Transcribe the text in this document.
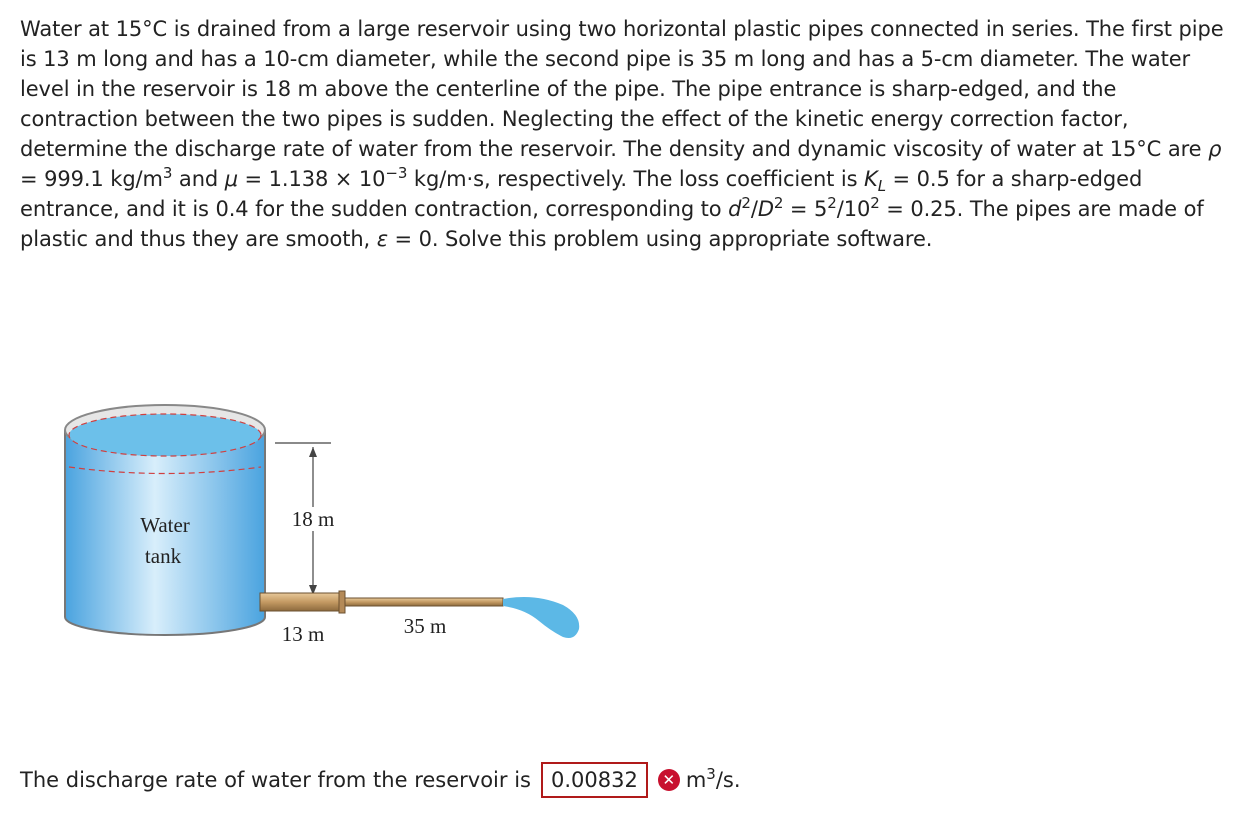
Water at 15°C is drained from a large reservoir using two horizontal plastic pipes connected in series. The first pipe is 13 m long and has a 10-cm diameter, while the second pipe is 35 m long and has a 5-cm diameter. The water level in the reservoir is 18 m above the centerline of the pipe. The pipe entrance is sharp-edged, and the contraction between the two pipes is sudden. Neglecting the effect of the kinetic energy correction factor, determine the discharge rate of water from the reservoir. The density and dynamic viscosity of water at 15°C are ρ = 999.1 $kg/m^3$ and $\mu = 1.138 \times 10^{-3}$ kg/m·s, respectively. The loss coefficient is $K_L = 0.5$ for a sharp-edged entrance, and it is 0.4 for the sudden contraction, corresponding to $d^2/D^2 = 5^2/10^2 = 0.25$. The pipes are made of plastic and thus they are smooth, ε = 0. Solve this problem using appropriate software.

Water
tank
18 m
13 m	35 m
The discharge rate of water from the reservoir is 0.00832	✕ $m^3/s$.
